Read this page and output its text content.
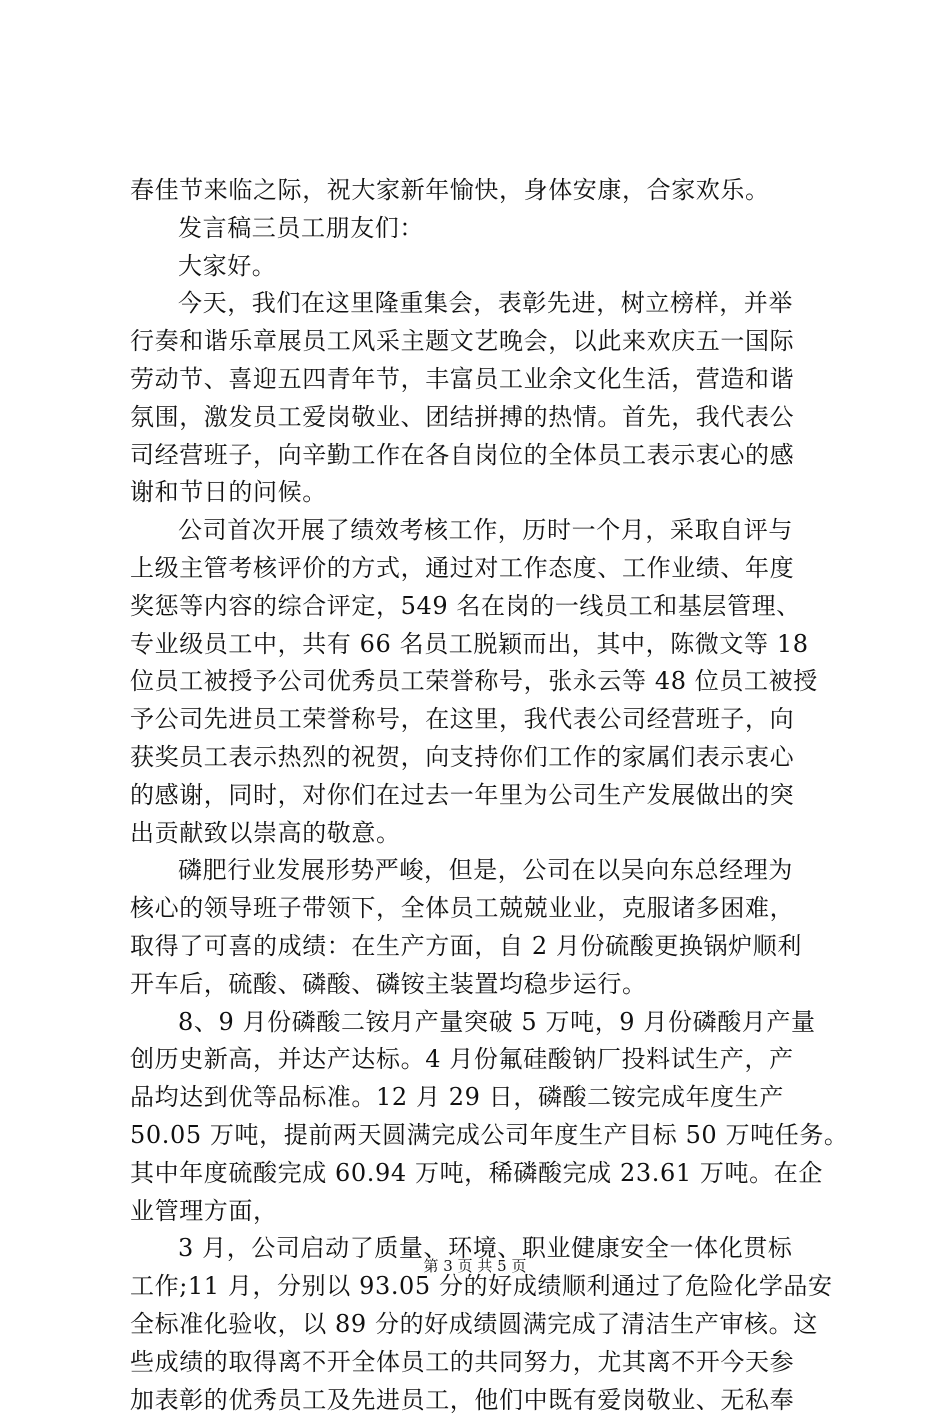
春佳节来临之际，祝大家新年愉快，身体安康，合家欢乐。
发言稿三员工朋友们：
大家好。
今天，我们在这里隆重集会，表彰先进，树立榜样，并举
行奏和谐乐章展员工风采主题文艺晚会，以此来欢庆五一国际
劳动节、喜迎五四青年节，丰富员工业余文化生活，营造和谐
氛围，激发员工爱岗敬业、团结拼搏的热情。首先，我代表公
司经营班子，向辛勤工作在各自岗位的全体员工表示衷心的感
谢和节日的问候。
公司首次开展了绩效考核工作，历时一个月，采取自评与
上级主管考核评价的方式，通过对工作态度、工作业绩、年度
奖惩等内容的综合评定，549 名在岗的一线员工和基层管理、
专业级员工中，共有 66 名员工脱颖而出，其中，陈微文等 18
位员工被授予公司优秀员工荣誉称号，张永云等 48 位员工被授
予公司先进员工荣誉称号，在这里，我代表公司经营班子，向
获奖员工表示热烈的祝贺，向支持你们工作的家属们表示衷心
的感谢，同时，对你们在过去一年里为公司生产发展做出的突
出贡献致以崇高的敬意。
磷肥行业发展形势严峻，但是，公司在以吴向东总经理为
核心的领导班子带领下，全体员工兢兢业业，克服诸多困难，
取得了可喜的成绩：在生产方面，自 2 月份硫酸更换锅炉顺利
开车后，硫酸、磷酸、磷铵主装置均稳步运行。
8、9 月份磷酸二铵月产量突破 5 万吨，9 月份磷酸月产量
创历史新高，并达产达标。4 月份氟硅酸钠厂投料试生产，产
品均达到优等品标准。12 月 29 日，磷酸二铵完成年度生产
50.05 万吨，提前两天圆满完成公司年度生产目标 50 万吨任务。
其中年度硫酸完成 60.94 万吨，稀磷酸完成 23.61 万吨。在企
业管理方面，
3 月，公司启动了质量、环境、职业健康安全一体化贯标
工作;11 月，分别以 93.05 分的好成绩顺利通过了危险化学品安
全标准化验收，以 89 分的好成绩圆满完成了清洁生产审核。这
些成绩的取得离不开全体员工的共同努力，尤其离不开今天参
加表彰的优秀员工及先进员工，他们中既有爱岗敬业、无私奉
第 3 页 共 5 页
